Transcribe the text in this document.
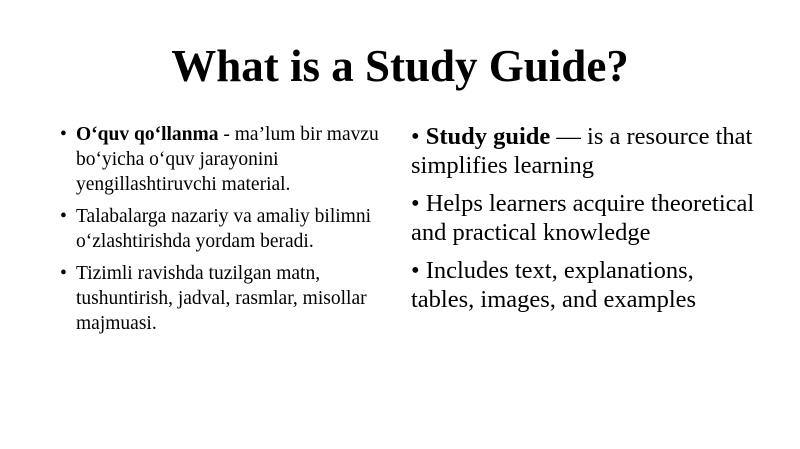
What is a Study Guide?
• O‘quv qo‘llanma - ma’lum bir mavzu bo‘yicha o‘quv jarayonini yengillashtiruvchi material.
• Talabalarga nazariy va amaliy bilimni o‘zlashtirishda yordam beradi.
• Tizimli ravishda tuzilgan matn, tushuntirish, jadval, rasmlar, misollar majmuasi.
• Study guide — is a resource that simplifies learning
• Helps learners acquire theoretical and practical knowledge
• Includes text, explanations, tables, images, and examples
